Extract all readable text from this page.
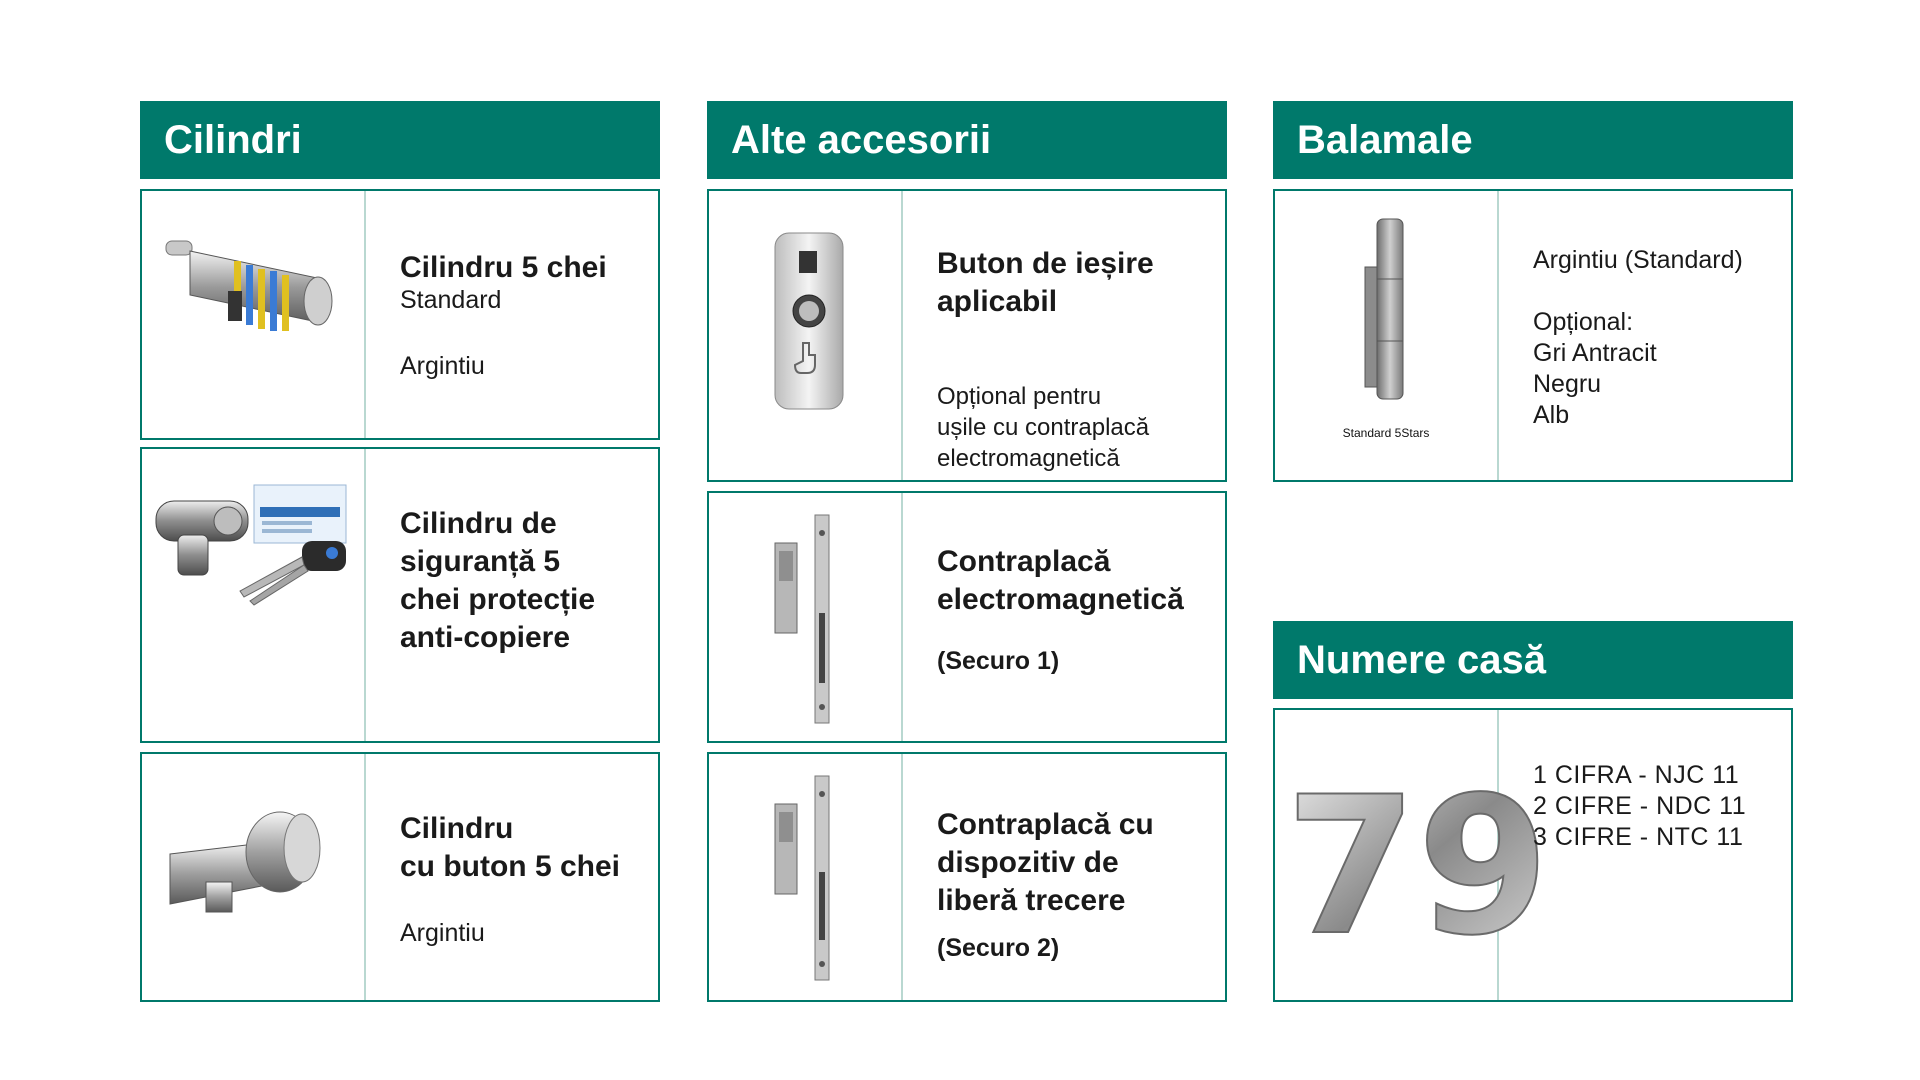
Cilindri
Cilindru 5 chei
Standard
Argintiu
Cilindru de
siguranță 5
chei protecție
anti-copiere
Cilindru
cu buton 5 chei
Argintiu
Alte accesorii
Buton de ieșire
aplicabil
Opțional pentru
ușile cu contraplacă
electromagnetică
Contraplacă
electromagnetică
(Securo 1)
Contraplacă cu
dispozitiv de
liberă trecere
(Securo 2)
Balamale
Standard 5Stars
Argintiu (Standard)
Opțional:
Gri Antracit
Negru
Alb
Numere casă
79
1 CIFRA - NJC 11
2 CIFRE - NDC 11
3 CIFRE - NTC 11
